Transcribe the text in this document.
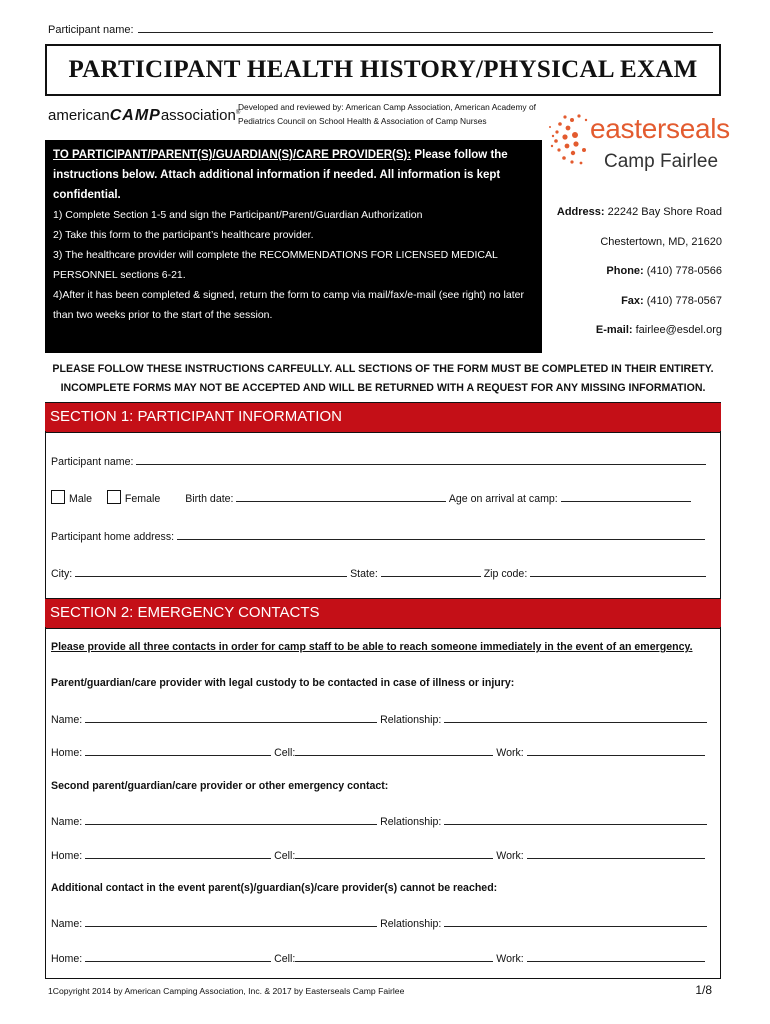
Participant name:
PARTICIPANT HEALTH HISTORY/PHYSICAL EXAM
americanCAMPassociation®
Developed and reviewed by: American Camp Association, American Academy of Pediatrics Council on School Health & Association of Camp Nurses
TO PARTICIPANT/PARENT(S)/GUARDIAN(S)/CARE PROVIDER(S): Please follow the instructions below. Attach additional information if needed. All information is kept confidential.
1) Complete Section 1-5 and sign the Participant/Parent/Guardian Authorization
2) Take this form to the participant’s healthcare provider.
3) The healthcare provider will complete the RECOMMENDATIONS FOR LICENSED MEDICAL PERSONNEL sections 6-21.
4)After it has been completed & signed, return the form to camp via mail/fax/e-mail (see right) no later than two weeks prior to the start of the session.
easterseals
Camp Fairlee
Address: 22242 Bay Shore Road
Chestertown, MD, 21620
Phone: (410) 778-0566
Fax: (410) 778-0567
E-mail: fairlee@esdel.org
PLEASE FOLLOW THESE INSTRUCTIONS CARFEULLY. ALL SECTIONS OF THE FORM MUST BE COMPLETED IN THEIR ENTIRETY.
INCOMPLETE FORMS MAY NOT BE ACCEPTED AND WILL BE RETURNED WITH A REQUEST FOR ANY MISSING INFORMATION.
SECTION 1: PARTICIPANT INFORMATION
Participant name:
Male	Female Birth date:	Age on arrival at camp:
Participant home address:
City:	State:	Zip code:
SECTION 2: EMERGENCY CONTACTS
Please provide all three contacts in order for camp staff to be able to reach someone immediately in the event of an emergency.
Parent/guardian/care provider with legal custody to be contacted in case of illness or injury:
Name:	Relationship:
Home:	Cell:	Work:
Second parent/guardian/care provider or other emergency contact:
Name:	Relationship:
Home:	Cell:	Work:
Additional contact in the event parent(s)/guardian(s)/care provider(s) cannot be reached:
Name:	Relationship:
Home:	Cell:	Work:
1Copyright 2014 by American Camping Association, Inc. & 2017 by Easterseals Camp Fairlee	1/8
